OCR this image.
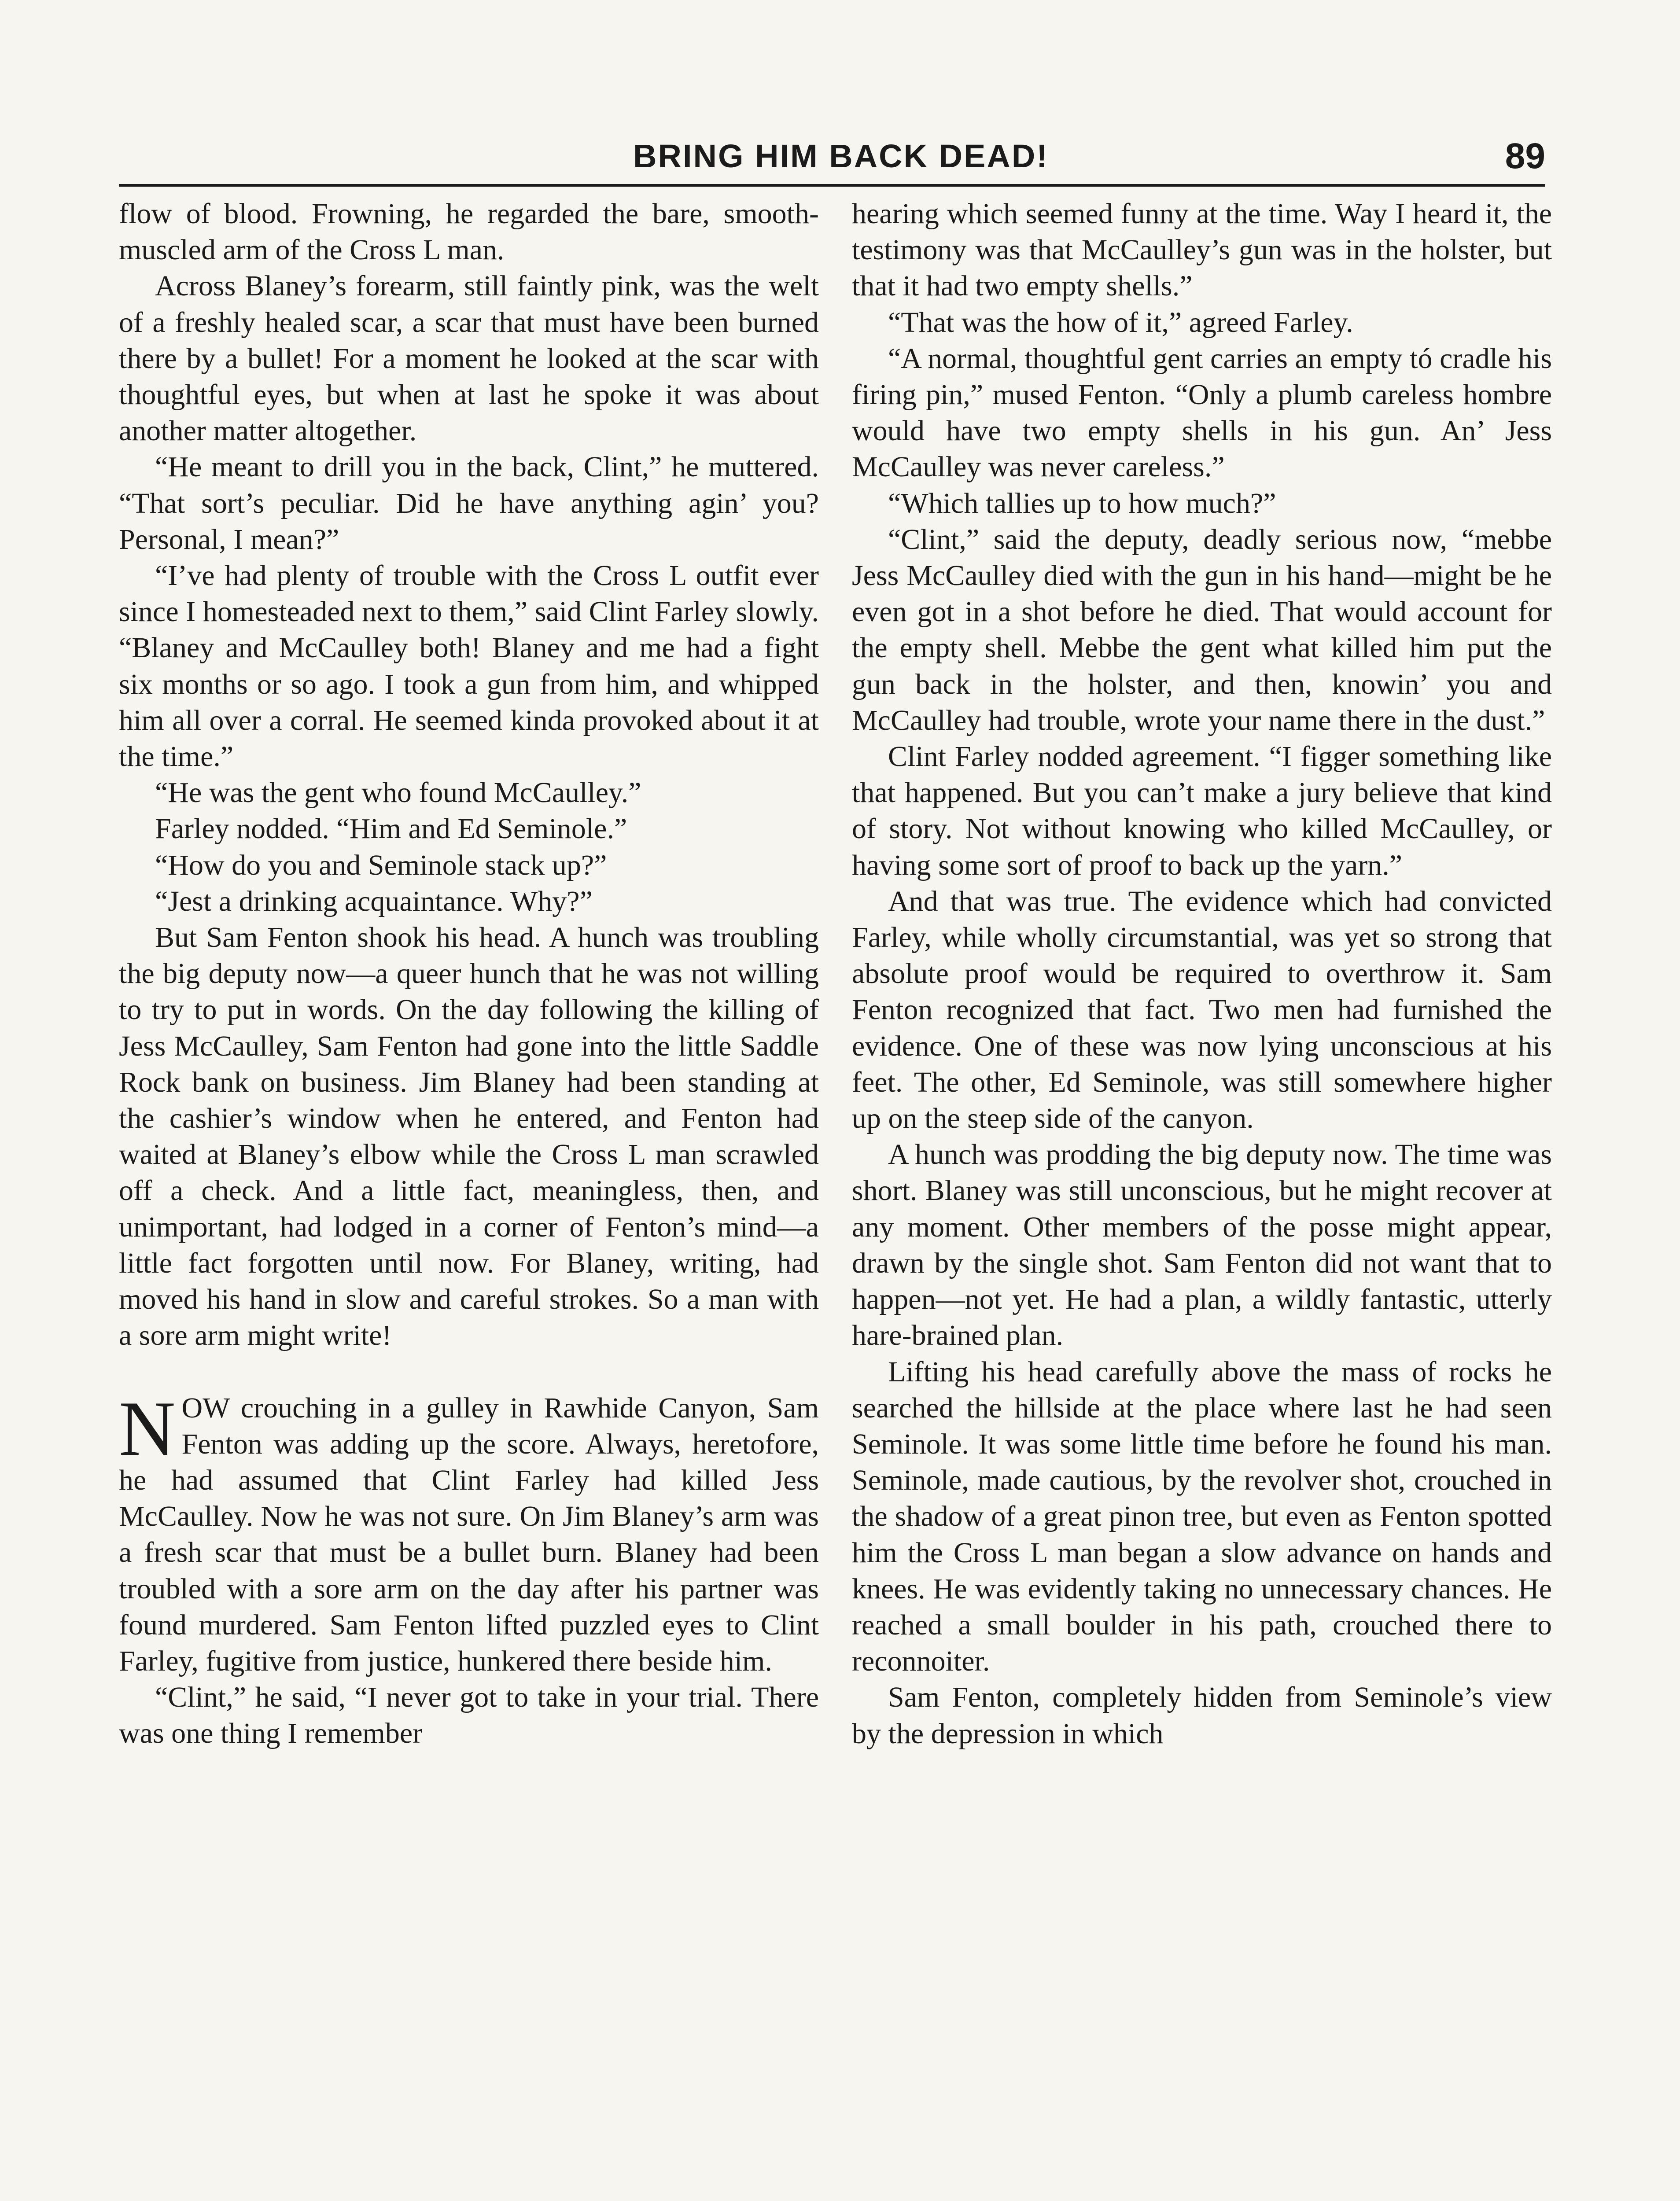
BRING HIM BACK DEAD!	89

flow of blood. Frowning, he regarded the bare, smooth-muscled arm of the Cross L man.

Across Blaney’s forearm, still faintly pink, was the welt of a freshly healed scar, a scar that must have been burned there by a bullet! For a moment he looked at the scar with thoughtful eyes, but when at last he spoke it was about another matter altogether.

“He meant to drill you in the back, Clint,” he muttered. “That sort’s peculiar. Did he have anything agin’ you? Personal, I mean?”

“I’ve had plenty of trouble with the Cross L outfit ever since I homesteaded next to them,” said Clint Farley slowly. “Blaney and McCaulley both! Blaney and me had a fight six months or so ago. I took a gun from him, and whipped him all over a corral. He seemed kinda provoked about it at the time.”

“He was the gent who found McCaulley.”

Farley nodded. “Him and Ed Seminole.”

“How do you and Seminole stack up?”

“Jest a drinking acquaintance. Why?”

But Sam Fenton shook his head. A hunch was troubling the big deputy now—a queer hunch that he was not willing to try to put in words. On the day following the killing of Jess McCaulley, Sam Fenton had gone into the little Saddle Rock bank on business. Jim Blaney had been standing at the cashier’s window when he entered, and Fenton had waited at Blaney’s elbow while the Cross L man scrawled off a check. And a little fact, meaningless, then, and unimportant, had lodged in a corner of Fenton’s mind—a little fact forgotten until now. For Blaney, writing, had moved his hand in slow and careful strokes. So a man with a sore arm might write!

NOW crouching in a gulley in Rawhide Canyon, Sam Fenton was adding up the score. Always, heretofore, he had assumed that Clint Farley had killed Jess McCaulley. Now he was not sure. On Jim Blaney’s arm was a fresh scar that must be a bullet burn. Blaney had been troubled with a sore arm on the day after his partner was found murdered. Sam Fenton lifted puzzled eyes to Clint Farley, fugitive from justice, hunkered there beside him.

“Clint,” he said, “I never got to take in your trial. There was one thing I remember

hearing which seemed funny at the time. Way I heard it, the testimony was that McCaulley’s gun was in the holster, but that it had two empty shells.”

“That was the how of it,” agreed Farley.

“A normal, thoughtful gent carries an empty tó cradle his firing pin,” mused Fenton. “Only a plumb careless hombre would have two empty shells in his gun. An’ Jess McCaulley was never careless.”

“Which tallies up to how much?”

“Clint,” said the deputy, deadly serious now, “mebbe Jess McCaulley died with the gun in his hand—might be he even got in a shot before he died. That would account for the empty shell. Mebbe the gent what killed him put the gun back in the holster, and then, knowin’ you and McCaulley had trouble, wrote your name there in the dust.”

Clint Farley nodded agreement. “I figger something like that happened. But you can’t make a jury believe that kind of story. Not without knowing who killed McCaulley, or having some sort of proof to back up the yarn.”

And that was true. The evidence which had convicted Farley, while wholly circumstantial, was yet so strong that absolute proof would be required to overthrow it. Sam Fenton recognized that fact. Two men had furnished the evidence. One of these was now lying unconscious at his feet. The other, Ed Seminole, was still somewhere higher up on the steep side of the canyon.

A hunch was prodding the big deputy now. The time was short. Blaney was still unconscious, but he might recover at any moment. Other members of the posse might appear, drawn by the single shot. Sam Fenton did not want that to happen—not yet. He had a plan, a wildly fantastic, utterly hare-brained plan.

Lifting his head carefully above the mass of rocks he searched the hillside at the place where last he had seen Seminole. It was some little time before he found his man. Seminole, made cautious, by the revolver shot, crouched in the shadow of a great pinon tree, but even as Fenton spotted him the Cross L man began a slow advance on hands and knees. He was evidently taking no unnecessary chances. He reached a small boulder in his path, crouched there to reconnoiter.

Sam Fenton, completely hidden from Seminole’s view by the depression in which
